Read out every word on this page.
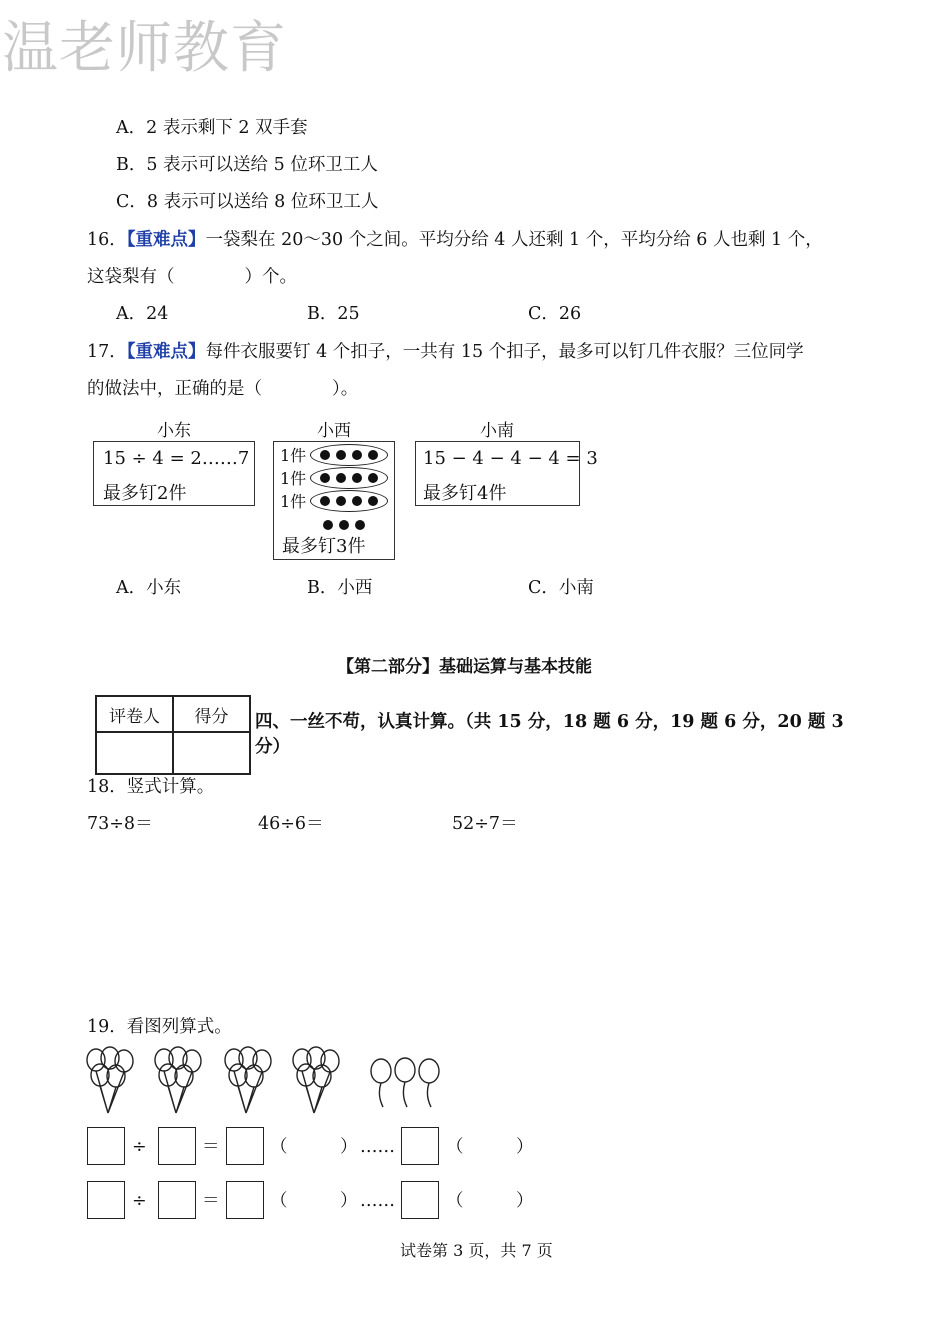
温老师教育
A．2 表示剩下 2 双手套
B．5 表示可以送给 5 位环卫工人
C．8 表示可以送给 8 位环卫工人
16．【重难点】一袋梨在 20～30 个之间。平均分给 4 人还剩 1 个，平均分给 6 人也剩 1 个，
这袋梨有（　　　　）个。
A．24	B．25	C．26
17．【重难点】每件衣服要钉 4 个扣子，一共有 15 个扣子，最多可以钉几件衣服？三位同学
的做法中，正确的是（　　　　）。
小东
15 ÷ 4 = 2……7
最多钉2件
小西
1件
1件
1件
最多钉3件
小南
15 − 4 − 4 − 4 = 3
最多钉4件
A．小东	B．小西	C．小南
【第二部分】基础运算与基本技能
评卷人	得分
	四、一丝不苟，认真计算。（共 15 分，18 题 6 分，19 题 6 分，20 题 3
分）
18．竖式计算。
73÷8＝	46÷6＝	52÷7＝
19．看图列算式。
÷	＝	（　　　） ……	（　　　）
÷	＝	（　　　） ……	（　　　）
试卷第 3 页，共 7 页
